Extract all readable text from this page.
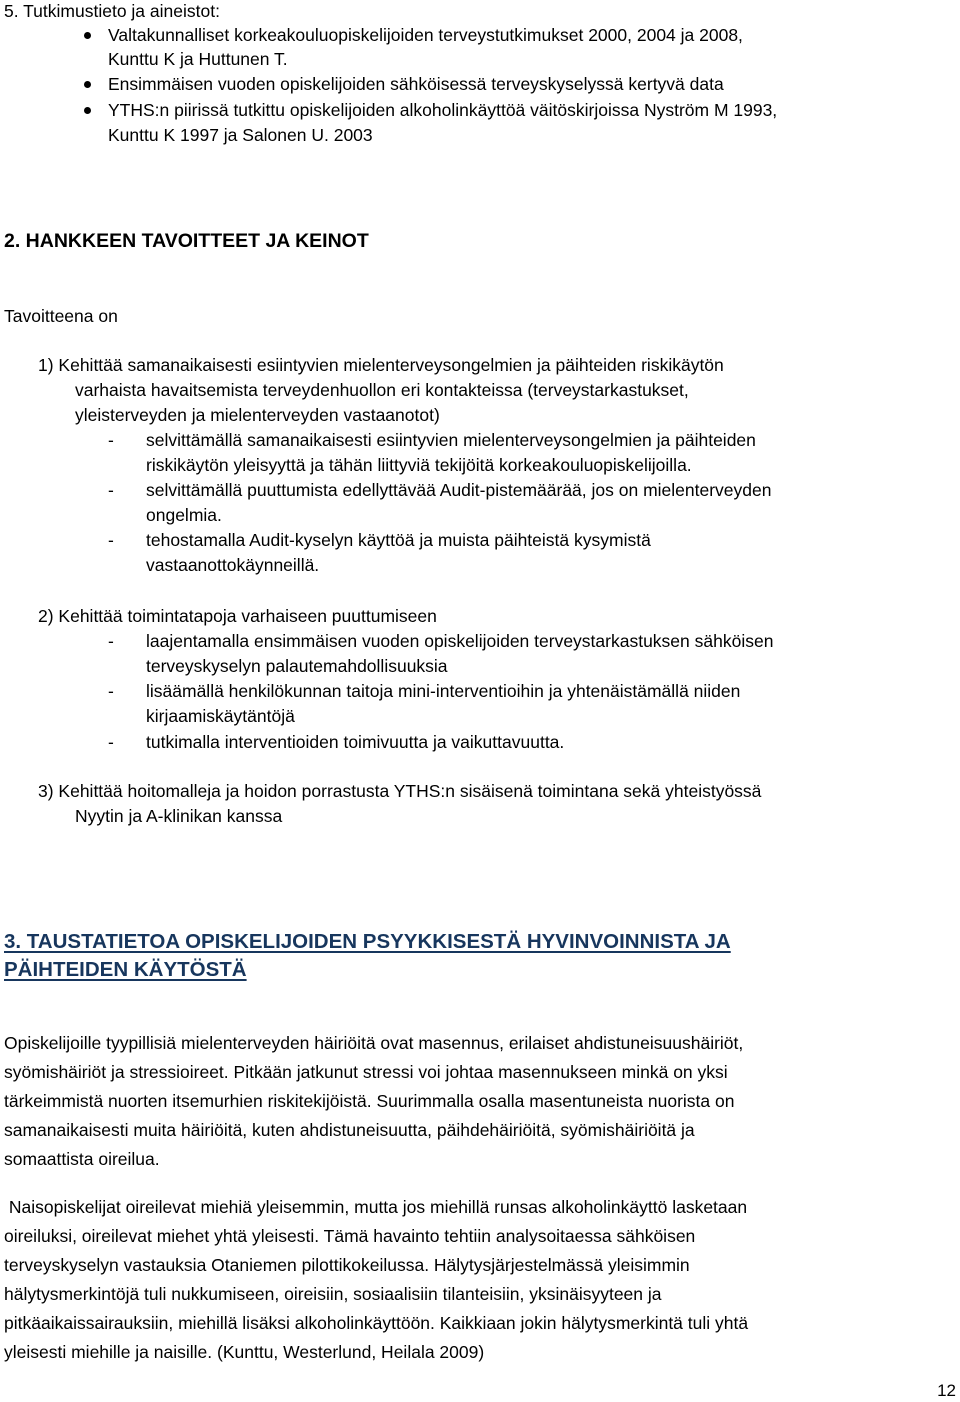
5. Tutkimustieto ja aineistot:
Valtakunnalliset korkeakouluopiskelijoiden terveystutkimukset 2000, 2004 ja 2008,
Kunttu K ja Huttunen T.
Ensimmäisen vuoden opiskelijoiden sähköisessä terveyskyselyssä kertyvä data
YTHS:n piirissä tutkittu opiskelijoiden alkoholinkäyttöä väitöskirjoissa Nyström M 1993,
Kunttu K 1997 ja Salonen U. 2003
2. HANKKEEN TAVOITTEET JA KEINOT
Tavoitteena on
1) Kehittää samanaikaisesti esiintyvien mielenterveysongelmien ja päihteiden riskikäytön
varhaista havaitsemista terveydenhuollon eri kontakteissa (terveystarkastukset,
yleisterveyden ja mielenterveyden vastaanotot)
- selvittämällä samanaikaisesti esiintyvien mielenterveysongelmien ja päihteiden
riskikäytön yleisyyttä ja tähän liittyviä tekijöitä korkeakouluopiskelijoilla.
- selvittämällä puuttumista edellyttävää Audit-pistemäärää, jos on mielenterveyden
ongelmia.
- tehostamalla Audit-kyselyn käyttöä ja muista päihteistä kysymistä
vastaanottokäynneillä.
2) Kehittää toimintatapoja varhaiseen puuttumiseen
- laajentamalla ensimmäisen vuoden opiskelijoiden terveystarkastuksen sähköisen
terveyskyselyn palautemahdollisuuksia
- lisäämällä henkilökunnan taitoja mini-interventioihin ja yhtenäistämällä niiden
kirjaamiskäytäntöjä
- tutkimalla interventioiden toimivuutta ja vaikuttavuutta.
3) Kehittää hoitomalleja ja hoidon porrastusta YTHS:n sisäisenä toimintana sekä yhteistyössä
Nyytin ja A-klinikan kanssa
3. TAUSTATIETOA OPISKELIJOIDEN PSYYKKISESTÄ HYVINVOINNISTA JA
PÄIHTEIDEN KÄYTÖSTÄ
Opiskelijoille tyypillisiä mielenterveyden häiriöitä ovat masennus, erilaiset ahdistuneisuushäiriöt,
syömishäiriöt ja stressioireet. Pitkään jatkunut stressi voi johtaa masennukseen minkä on yksi
tärkeimmistä nuorten itsemurhien riskitekijöistä. Suurimmalla osalla masentuneista nuorista on
samanaikaisesti muita häiriöitä, kuten ahdistuneisuutta, päihdehäiriöitä, syömishäiriöitä ja
somaattista oireilua.
Naisopiskelijat oireilevat miehiä yleisemmin, mutta jos miehillä runsas alkoholinkäyttö lasketaan
oireiluksi, oireilevat miehet yhtä yleisesti. Tämä havainto tehtiin analysoitaessa sähköisen
terveyskyselyn vastauksia Otaniemen pilottikokeilussa. Hälytysjärjestelmässä yleisimmin
hälytysmerkintöjä tuli nukkumiseen, oireisiin, sosiaalisiin tilanteisiin, yksinäisyyteen ja
pitkäaikaissairauksiin, miehillä lisäksi alkoholinkäyttöön. Kaikkiaan jokin hälytysmerkintä tuli yhtä
yleisesti miehille ja naisille. (Kunttu, Westerlund, Heilala 2009)
12
